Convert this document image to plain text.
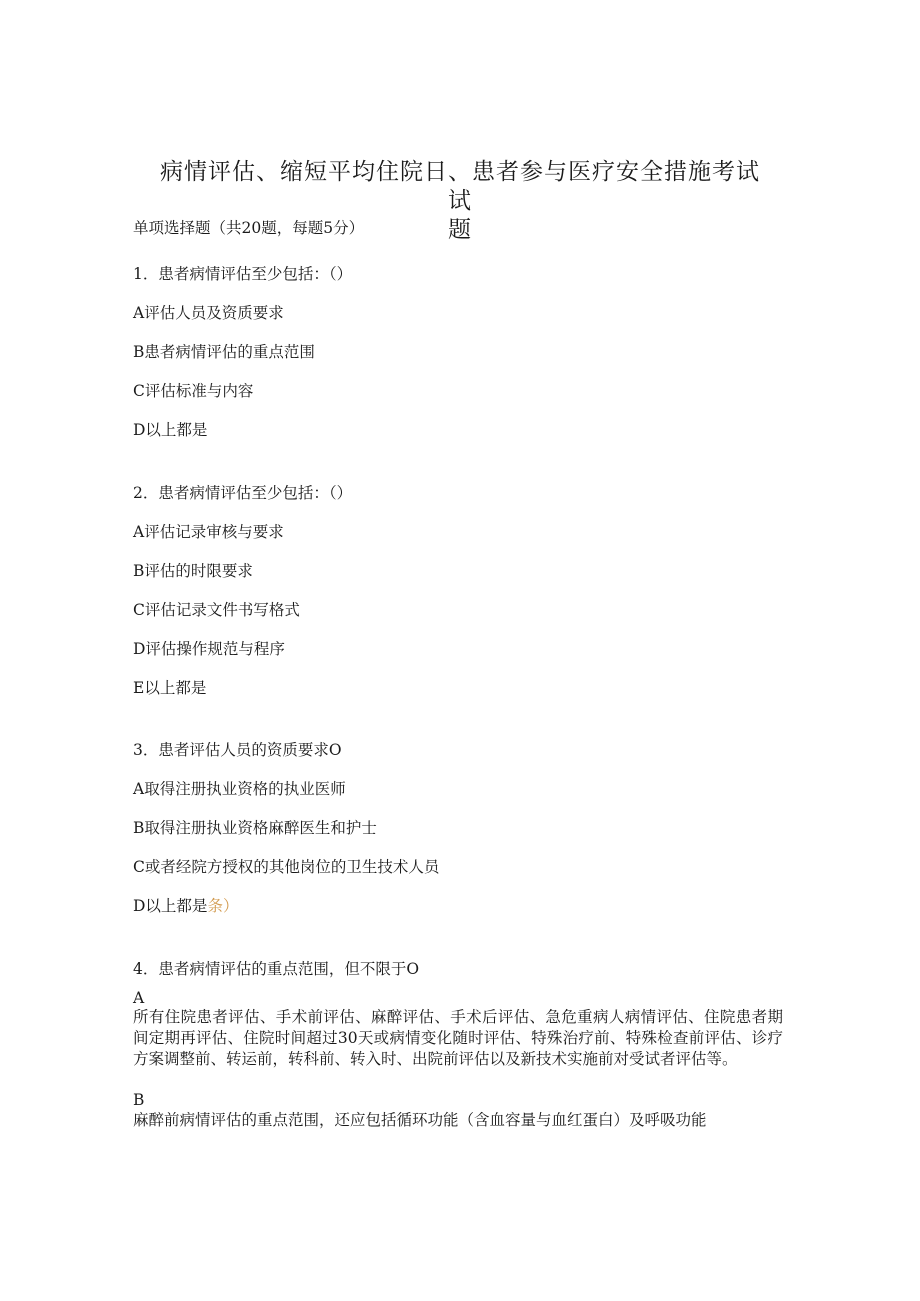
病情评估、缩短平均住院日、患者参与医疗安全措施考试试
题
单项选择题（共20题，每题5分）
1．患者病情评估至少包括：（）
A评估人员及资质要求
B患者病情评估的重点范围
C评估标准与内容
D以上都是
2．患者病情评估至少包括：（）
A评估记录审核与要求
B评估的时限要求
C评估记录文件书写格式
D评估操作规范与程序
E以上都是
3．患者评估人员的资质要求O
A取得注册执业资格的执业医师
B取得注册执业资格麻醉医生和护士
C或者经院方授权的其他岗位的卫生技术人员
D以上都是条）
4．患者病情评估的重点范围，但不限于O
A
所有住院患者评估、手术前评估、麻醉评估、手术后评估、急危重病人病情评估、住院患者期间定期再评估、住院时间超过30天或病情变化随时评估、特殊治疗前、特殊检查前评估、诊疗方案调整前、转运前，转科前、转入时、出院前评估以及新技术实施前对受试者评估等。
B
麻醉前病情评估的重点范围，还应包括循环功能（含血容量与血红蛋白）及呼吸功能
